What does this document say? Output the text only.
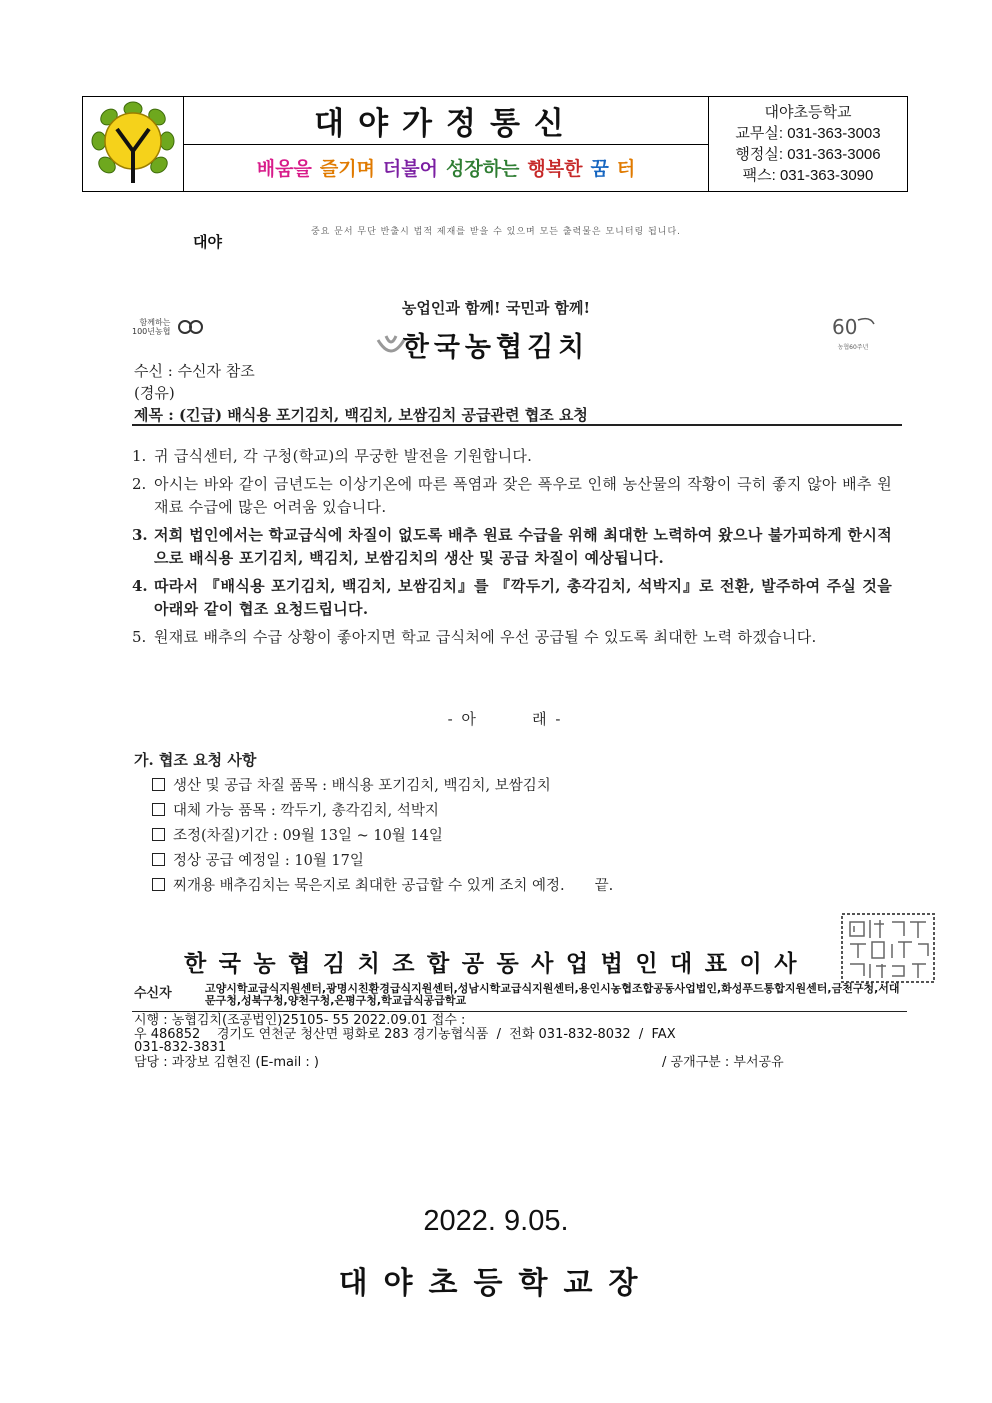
대야
대야가정통신
배움을 즐기며 더불어 성장하는 행복한 꿈 터
대야초등학교
교무실: 031-363-3003
행정실: 031-363-3006
팩스: 031-363-3090
중요 문서 무단 반출시 법적 제재를 받을 수 있으며 모든 출력물은 모니터링 됩니다.
함께하는
100년농협

농업인과 함께! 국민과 함께!
한국농협김치
60
농협60주년
수신 : 수신자 참조
(경유)
제목 : (긴급) 배식용 포기김치, 백김치, 보쌈김치 공급관련 협조 요청
1. 귀 급식센터, 각 구청(학교)의 무궁한 발전을 기원합니다.
2. 아시는 바와 같이 금년도는 이상기온에 따른 폭염과 잦은 폭우로 인해 농산물의 작황이 극히 좋지 않아 배추 원재료 수급에 많은 어려움 있습니다.
3. 저희 법인에서는 학교급식에 차질이 없도록 배추 원료 수급을 위해 최대한 노력하여 왔으나 불가피하게 한시적으로 배식용 포기김치, 백김치, 보쌈김치의 생산 및 공급 차질이 예상됩니다.
4. 따라서 『배식용 포기김치, 백김치, 보쌈김치』를 『깍두기, 총각김치, 석박지』로 전환, 발주하여 주실 것을 아래와 같이 협조 요청드립니다.
5. 원재료 배추의 수급 상황이 좋아지면 학교 급식처에 우선 공급될 수 있도록 최대한 노력 하겠습니다.
- 아        래 -
가. 협조 요청 사항
생산 및 공급 차질 품목 : 배식용 포기김치, 백김치, 보쌈김치
대체 가능 품목 : 깍두기, 총각김치, 석박지
조정(차질)기간 : 09월 13일 ~ 10월 14일
정상 공급 예정일 : 10월 17일
찌개용 배추김치는 묵은지로 최대한 공급할 수 있게 조치 예정. 끝.
한국농협김치조합공동사업법인대표이사
수신자	고양시학교급식지원센터,광명시친환경급식지원센터,성남시학교급식지원센터,용인시농협조합공동사업법인,화성푸드통합지원센터,금천구청,서대문구청,성북구청,양천구청,은평구청,학교급식공급학교
시행 : 농협김치(조공법인)25105- 55 2022.09.01 접수 :
우 486852    경기도 연천군 청산면 평화로 283 경기농협식품  /  전화 031-832-8032  /  FAX
031-832-3831
담당 : 과장보 김현진 (E-mail : )	/ 공개구분 : 부서공유
2022. 9.05.
대야초등학교장
